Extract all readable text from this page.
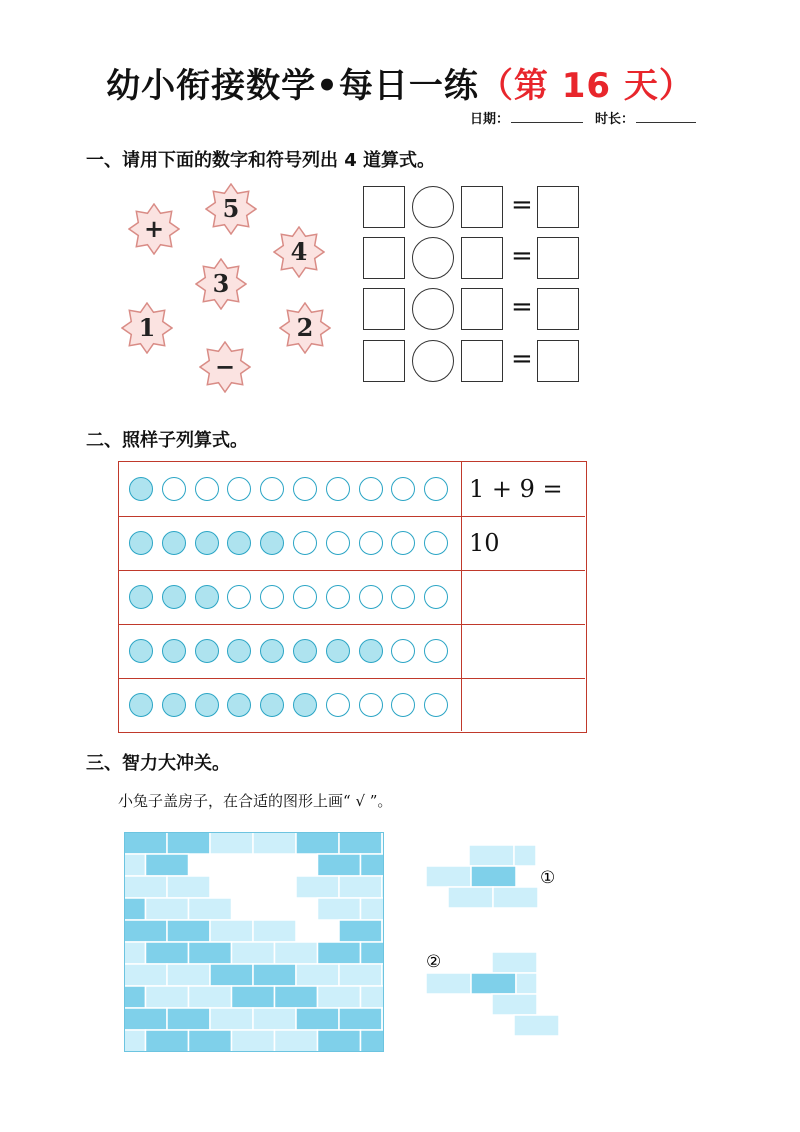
幼小衔接数学•每日一练（第 16 天）
日期：	时长：
一、请用下面的数字和符号列出 4 道算式。
+
5
4
3
1	2
−
=
=
=
=
二、照样子列算式。
1 + 9 = 10
三、智力大冲关。
小兔子盖房子，在合适的图形上画“ √ ”。
①
②
